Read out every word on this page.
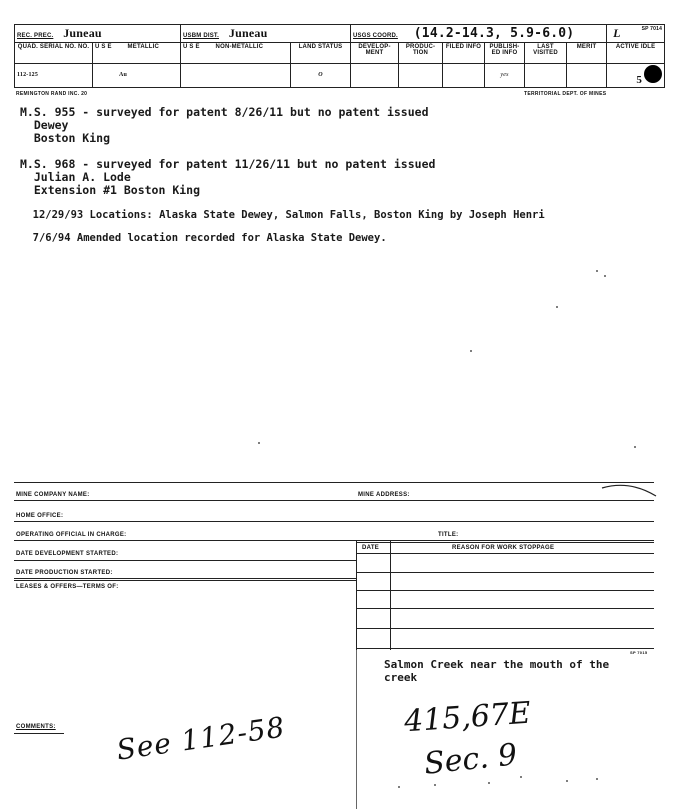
REC. PREC. Juneau		USBM DIST. Juneau		USGS COORD. (14.2-14.3, 5.9-6.0)						L SP 7014

QUAD. SERIAL NO. NO.	U S E METALLIC	U S E NON-METALLIC	LAND STATUS	DEVELOP-MENT	PRODUC-TION	FILED INFO	PUBLISH-ED INFO	LAST VISITED	MERIT	ACTIVE IDLE
112-125	Au		O				yes			5
REMINGTON RAND INC. 20	TERRITORIAL DEPT. OF MINES
M.S. 955 - surveyed for patent 8/26/11 but no patent issued
Dewey
Boston King
M.S. 968 - surveyed for patent 11/26/11 but no patent issued
Julian A. Lode
Extension #1 Boston King
12/29/93 Locations: Alaska State Dewey, Salmon Falls, Boston King by Joseph Henri
7/6/94 Amended location recorded for Alaska State Dewey.
MINE COMPANY NAME:	MINE ADDRESS:
HOME OFFICE:
OPERATING OFFICIAL IN CHARGE:	TITLE:
DATE	REASON FOR WORK STOPPAGE
DATE DEVELOPMENT STARTED:
DATE PRODUCTION STARTED:
LEASES & OFFERS—TERMS OF:
SP 7015
Salmon Creek near the mouth of the creek
COMMENTS: See 112-58	415,67E
Sec. 9
